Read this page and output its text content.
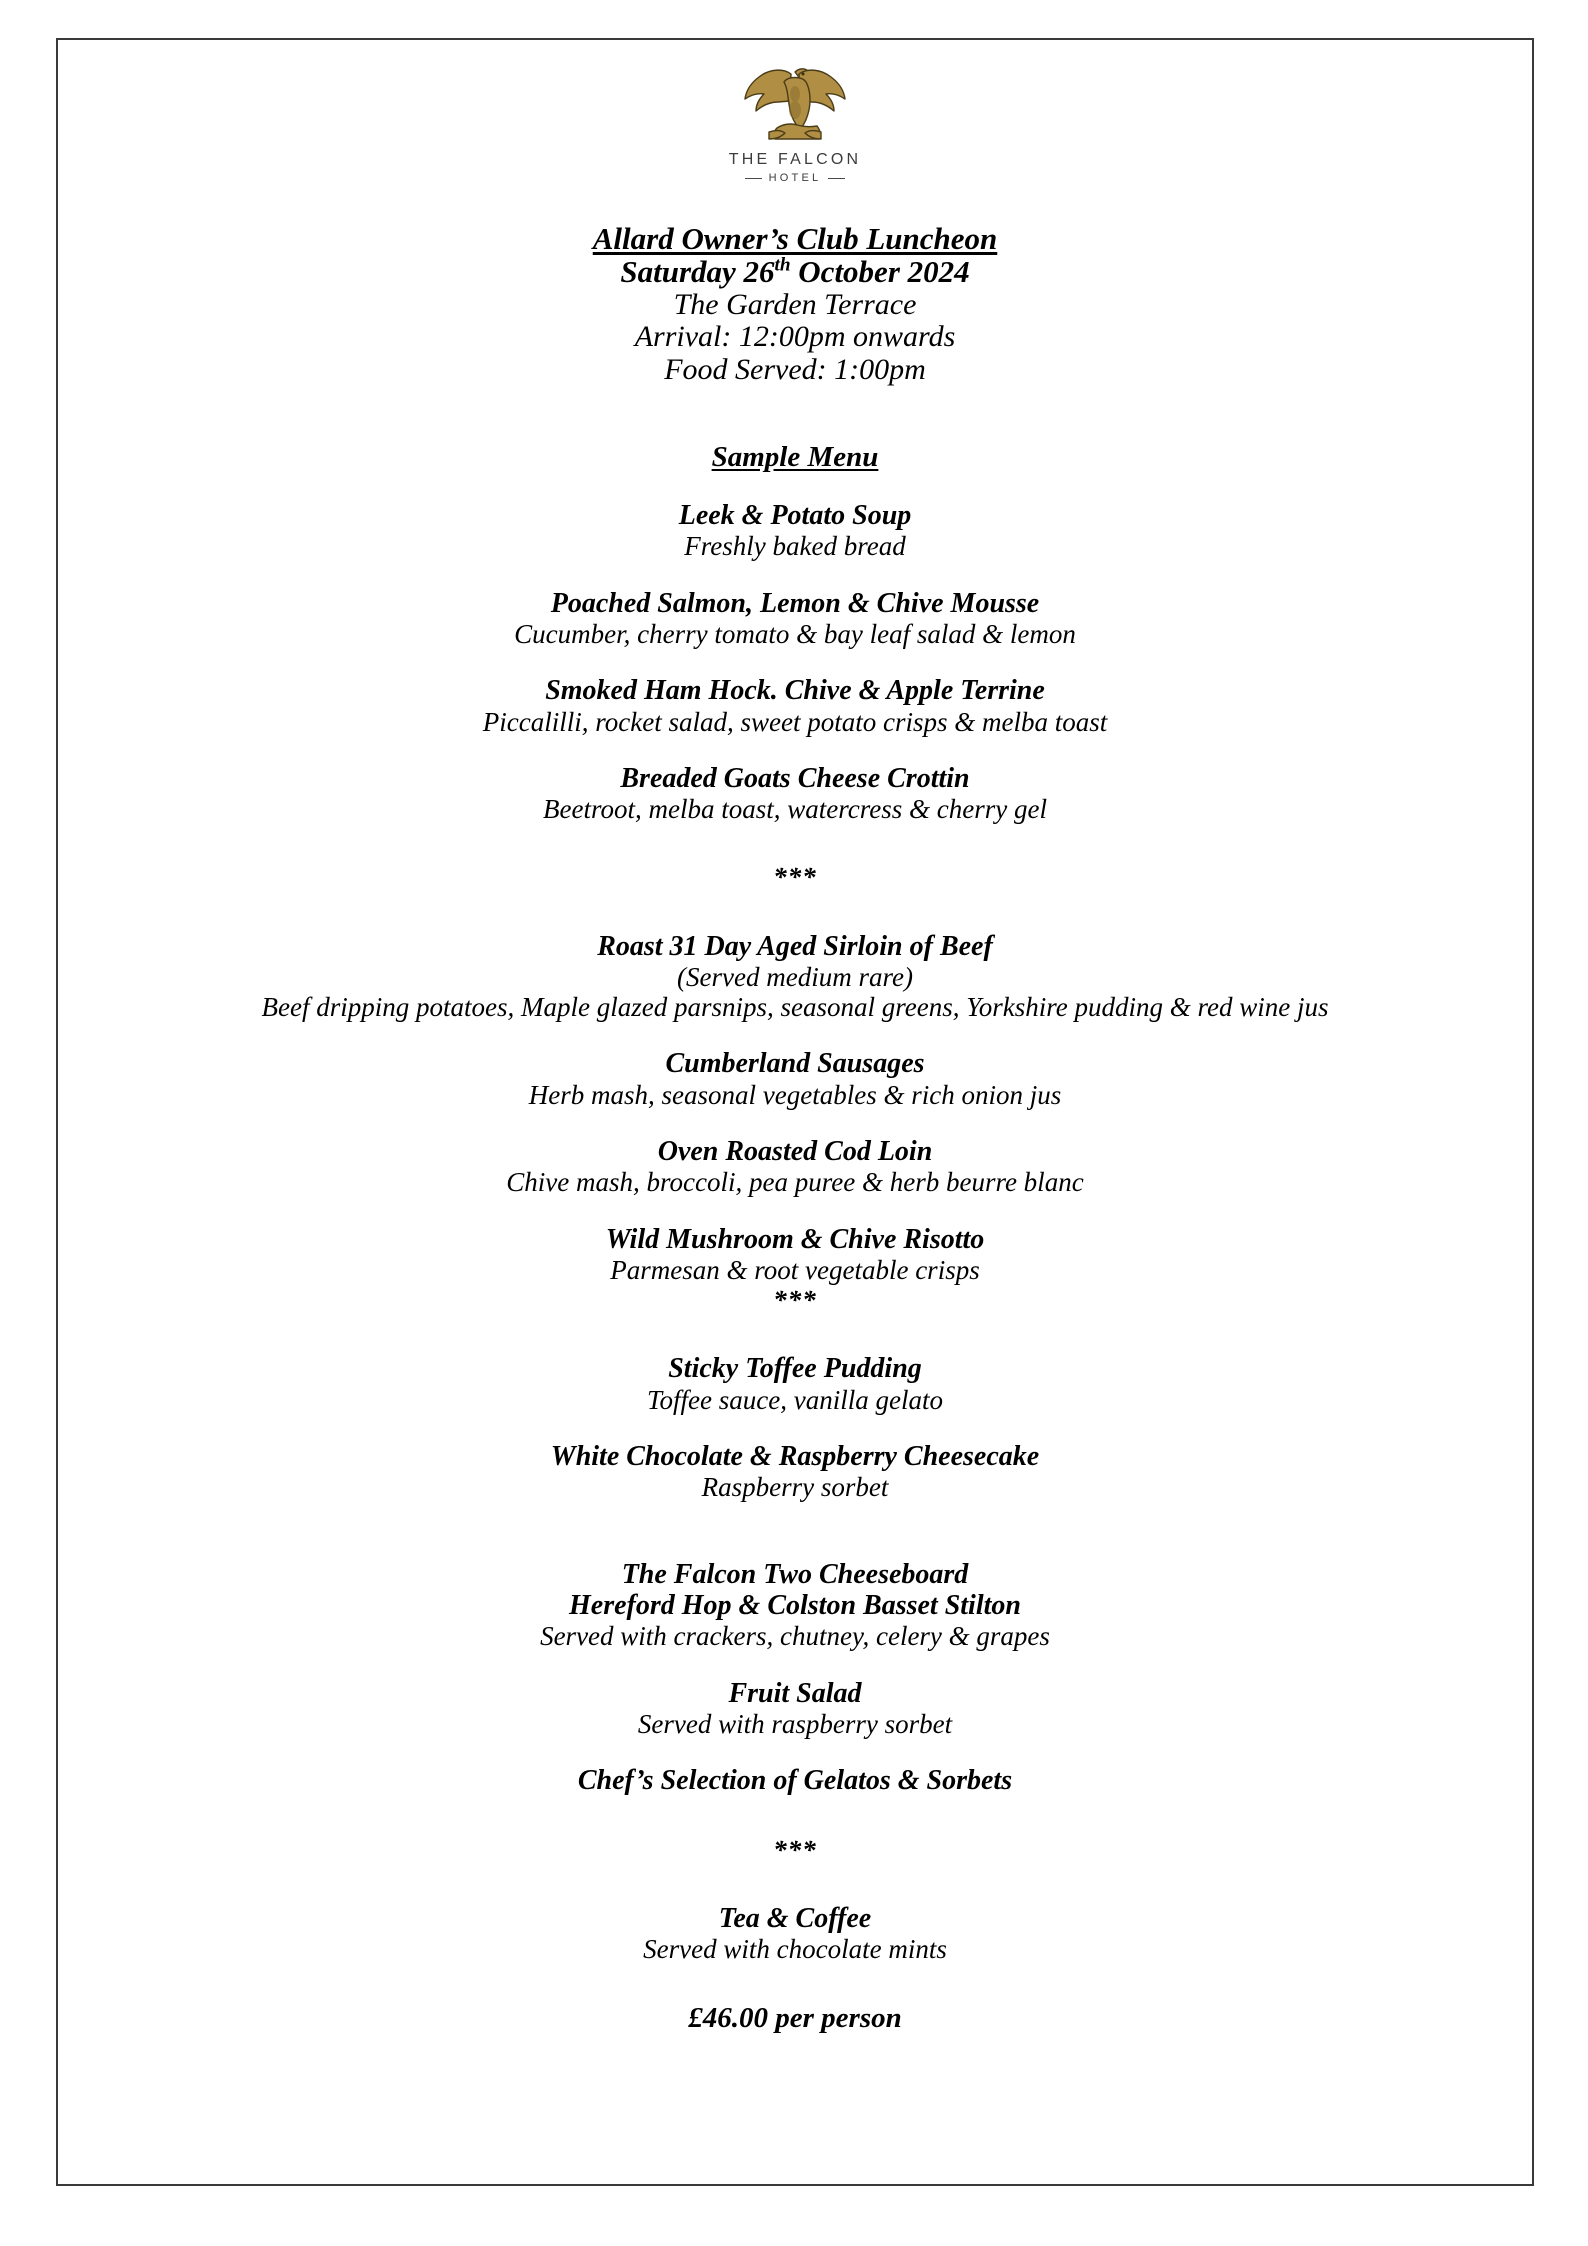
THE FALCON
HOTEL
Allard Owner’s Club Luncheon
Saturday 26th October 2024
The Garden Terrace
Arrival: 12:00pm onwards
Food Served: 1:00pm
Sample Menu
Leek & Potato Soup
Freshly baked bread
Poached Salmon, Lemon & Chive Mousse
Cucumber, cherry tomato & bay leaf salad & lemon
Smoked Ham Hock. Chive & Apple Terrine
Piccalilli, rocket salad, sweet potato crisps & melba toast
Breaded Goats Cheese Crottin
Beetroot, melba toast, watercress & cherry gel
***
Roast 31 Day Aged Sirloin of Beef
(Served medium rare)
Beef dripping potatoes, Maple glazed parsnips, seasonal greens, Yorkshire pudding & red wine jus
Cumberland Sausages
Herb mash, seasonal vegetables & rich onion jus
Oven Roasted Cod Loin
Chive mash, broccoli, pea puree & herb beurre blanc
Wild Mushroom & Chive Risotto
Parmesan & root vegetable crisps
***
Sticky Toffee Pudding
Toffee sauce, vanilla gelato
White Chocolate & Raspberry Cheesecake
Raspberry sorbet
The Falcon Two Cheeseboard
Hereford Hop & Colston Basset Stilton
Served with crackers, chutney, celery & grapes
Fruit Salad
Served with raspberry sorbet
Chef’s Selection of Gelatos & Sorbets
***
Tea & Coffee
Served with chocolate mints
£46.00 per person
